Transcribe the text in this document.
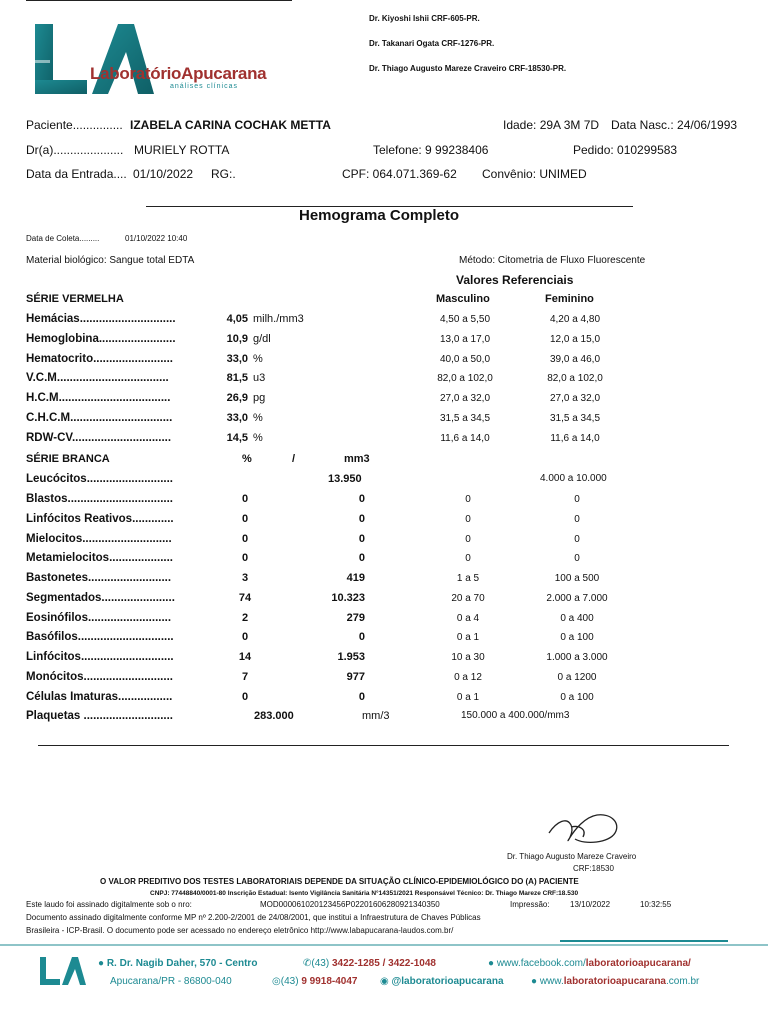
LaboratórioApucarana
análises clínicas
Dr. Kiyoshi Ishii CRF-605-PR.
Dr. Takanari Ogata CRF-1276-PR.
Dr. Thiago Augusto Mareze Craveiro CRF-18530-PR.
Paciente............... IZABELA CARINA COCHAK METTA	Idade: 29A 3M 7D Data Nasc.: 24/06/1993
Dr(a)..................... MURIELY ROTTA	Telefone: 9 99238406	Pedido: 010299583
Data da Entrada.... 01/10/2022 RG:.	CPF: 064.071.369-62 Convênio: UNIMED
Hemograma Completo
Data de Coleta.........	01/10/2022 10:40
Material biológico: Sangue total EDTA	Método: Citometria de Fluxo Fluorescente
Valores Referenciais
SÉRIE VERMELHA	Masculino	Feminino
Hemácias..............................	4,05 milh./mm3	4,50 a 5,50	4,20 a 4,80
Hemoglobina........................	10,9 g/dl	13,0 a 17,0	12,0 a 15,0
Hematocrito.........................	33,0 %	40,0 a 50,0	39,0 a 46,0
V.C.M...................................	81,5 u3	82,0 a 102,0	82,0 a 102,0
H.C.M...................................	26,9 pg	27,0 a 32,0	27,0 a 32,0
C.H.C.M................................	33,0 %	31,5 a 34,5	31,5 a 34,5
RDW-CV...............................	14,5 %	11,6 a 14,0	11,6 a 14,0
SÉRIE BRANCA	%	/	mm3
Leucócitos...........................	13.950	4.000 a 10.000
Blastos.................................	0	0	0	0
Linfócitos Reativos.............	0	0	0	0
Mielocitos............................	0	0	0	0
Metamielocitos....................	0	0	0	0
Bastonetes..........................	3	419	1 a 5	100 a 500
Segmentados.......................	74	10.323	20 a 70	2.000 a 7.000
Eosinófilos..........................	2	279	0 a 4	0 a 400
Basófilos..............................	0	0	0 a 1	0 a 100
Linfócitos.............................	14	1.953	10 a 30	1.000 a 3.000
Monócitos............................	7	977	0 a 12	0 a 1200
Células Imaturas.................	0	0	0 a 1	0 a 100
Plaquetas ............................	283.000	mm/3	150.000 a 400.000/mm3
Dr. Thiago Augusto Mareze Craveiro
CRF:18530
O VALOR PREDITIVO DOS TESTES LABORATORIAIS DEPENDE DA SITUAÇÃO CLÍNICO-EPIDEMIOLÓGICO DO (A) PACIENTE
CNPJ: 77448840/0001-80 Inscrição Estadual: Isento Vigilância Sanitária N°14351/2021 Responsável Técnico: Dr. Thiago Mareze CRF:18.530
Este laudo foi assinado digitalmente sob o nro:	MOD000061020123456P02201606280921340350	Impressão:	13/10/2022	10:32:55
Documento assinado digitalmente conforme MP nº 2.200-2/2001 de 24/08/2001, que institui a Infraestrutura de Chaves Públicas
Brasileira - ICP-Brasil. O documento pode ser acessado no endereço eletrônico http://www.labapucarana-laudos.com.br/
● R. Dr. Nagib Daher, 570 - Centro
Apucarana/PR - 86800-040
✆(43) 3422-1285 / 3422-1048
◎(43) 9 9918-4047 ◉ @laboratorioapucarana
● www.facebook.com/laboratorioapucarana/
● www.laboratorioapucarana.com.br
